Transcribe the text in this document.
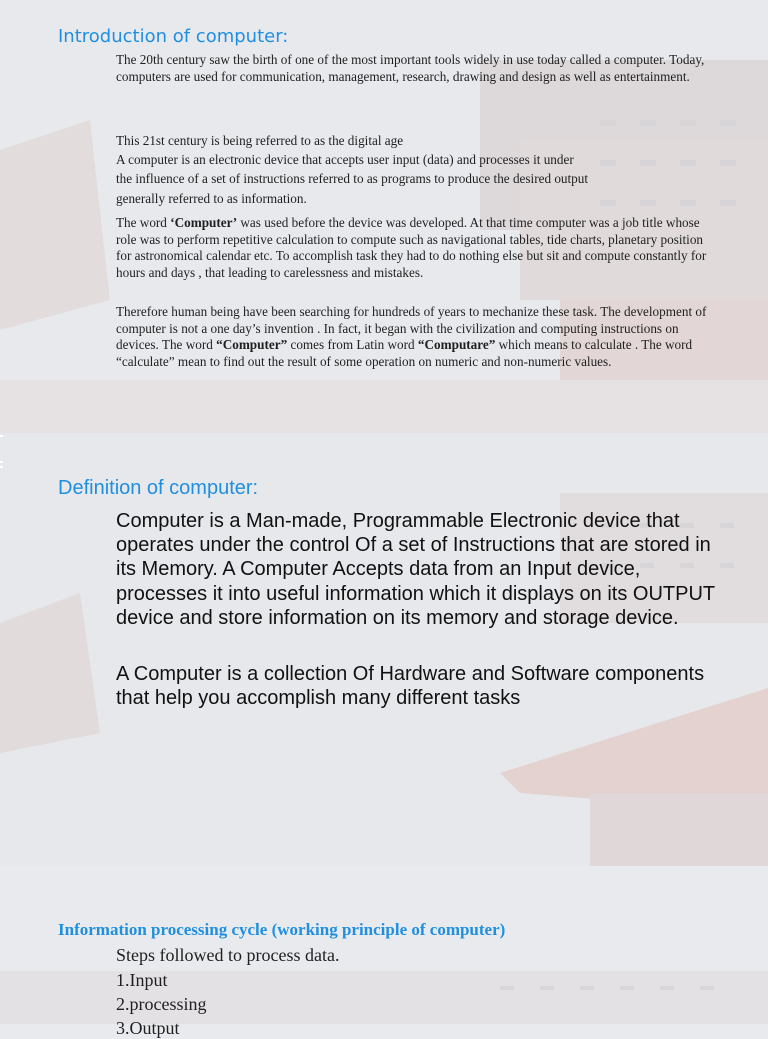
Introduction of computer:

The 20th century saw the birth of one of the most important tools widely in use today called a computer. Today, computers are used for communication, management, research, drawing and design as well as entertainment.

This 21st century is being referred to as the digital age
A computer is an electronic device that accepts user input (data) and processes it under
the influence of a set of instructions referred to as programs to produce the desired output
generally referred to as information.

The word ‘Computer’ was used before the device was developed. At that time computer was a job title whose role was to perform repetitive calculation to compute such as navigational tables, tide charts, planetary position for astronomical calendar etc. To accomplish task they had to do nothing else but sit and compute constantly for hours and days , that leading to carelessness and mistakes.

Therefore human being have been searching for hundreds of years to mechanize these task. The development of computer is not a one day’s invention . In fact, it began with the civilization and computing instructions on devices. The word “Computer” comes from Latin word “Computare” which means to calculate . The word “calculate” mean to find out the result of some operation on numeric and non-numeric values.

Definition of computer:

Computer is a Man-made, Programmable Electronic device that operates under the control Of a set of Instructions that are stored in its Memory. A Computer Accepts data from an Input device, processes it into useful information which it displays on its OUTPUT device and store information on its memory and storage device.

A Computer is a collection Of Hardware and Software components that help you accomplish many different tasks

Information processing cycle (working principle of computer)
Steps followed to process data.
1.Input
2.processing
3.Output
